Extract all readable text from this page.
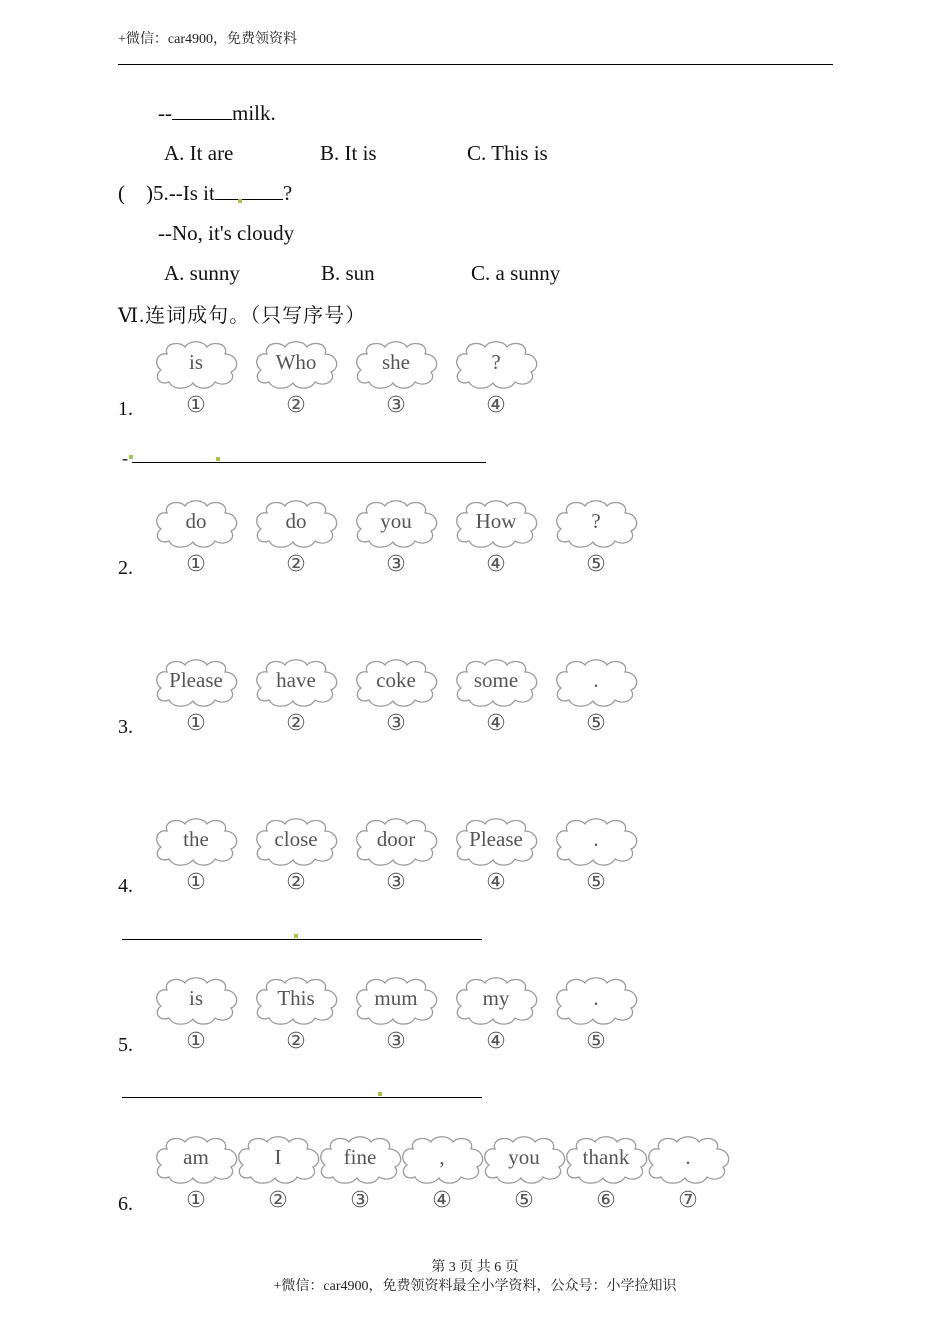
+微信：car4900，免费领资料
--	milk.
A. It are	B. It is	C. This is
(    )5.--Is it	?
--No, it's cloudy
A. sunny	B. sun	C. a sunny
Ⅵ.连词成句。（只写序号）
1.
is
①
Who
②
she
③
?
④
2.
do
①
do
②
you
③
How
④
?
⑤
3.
Please
①
have
②
coke
③
some
④
.
⑤
4.
the
①
close
②
door
③
Please
④
.
⑤
5.
is
①
This
②
mum
③
my
④
.
⑤
6.
am
①
I
②
fine
③
,
④
you
⑤
thank
⑥
.
⑦
-
第 3 页 共 6 页
+微信：car4900，免费领资料最全小学资料，公众号：小学捡知识
